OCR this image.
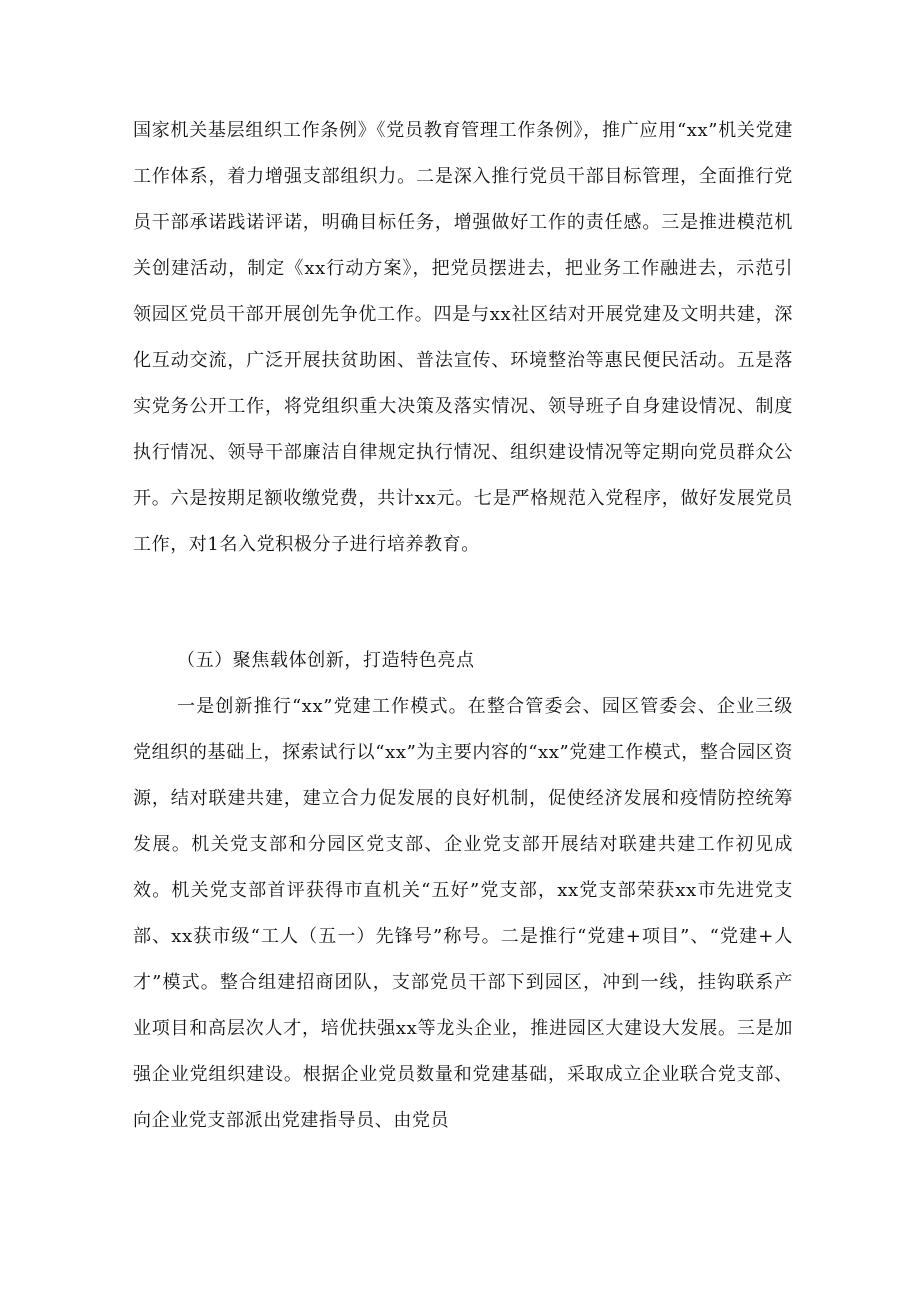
国家机关基层组织工作条例》《党员教育管理工作条例》，推广应用“xx”机关党建工作体系，着力增强支部组织力。二是深入推行党员干部目标管理，全面推行党员干部承诺践诺评诺，明确目标任务，增强做好工作的责任感。三是推进模范机关创建活动，制定《xx行动方案》，把党员摆进去，把业务工作融进去，示范引领园区党员干部开展创先争优工作。四是与xx社区结对开展党建及文明共建，深化互动交流，广泛开展扶贫助困、普法宣传、环境整治等惠民便民活动。五是落实党务公开工作，将党组织重大决策及落实情况、领导班子自身建设情况、制度执行情况、领导干部廉洁自律规定执行情况、组织建设情况等定期向党员群众公开。六是按期足额收缴党费，共计xx元。七是严格规范入党程序，做好发展党员工作，对1名入党积极分子进行培养教育。

（五）聚焦载体创新，打造特色亮点

一是创新推行“xx”党建工作模式。在整合管委会、园区管委会、企业三级党组织的基础上，探索试行以“xx”为主要内容的“xx”党建工作模式，整合园区资源，结对联建共建，建立合力促发展的良好机制，促使经济发展和疫情防控统筹发展。机关党支部和分园区党支部、企业党支部开展结对联建共建工作初见成效。机关党支部首评获得市直机关“五好”党支部，xx党支部荣获xx市先进党支部、xx获市级“工人（五一）先锋号”称号。二是推行“党建+项目”、“党建+人才”模式。整合组建招商团队，支部党员干部下到园区，冲到一线，挂钩联系产业项目和高层次人才，培优扶强xx等龙头企业，推进园区大建设大发展。三是加强企业党组织建设。根据企业党员数量和党建基础，采取成立企业联合党支部、向企业党支部派出党建指导员、由党员
